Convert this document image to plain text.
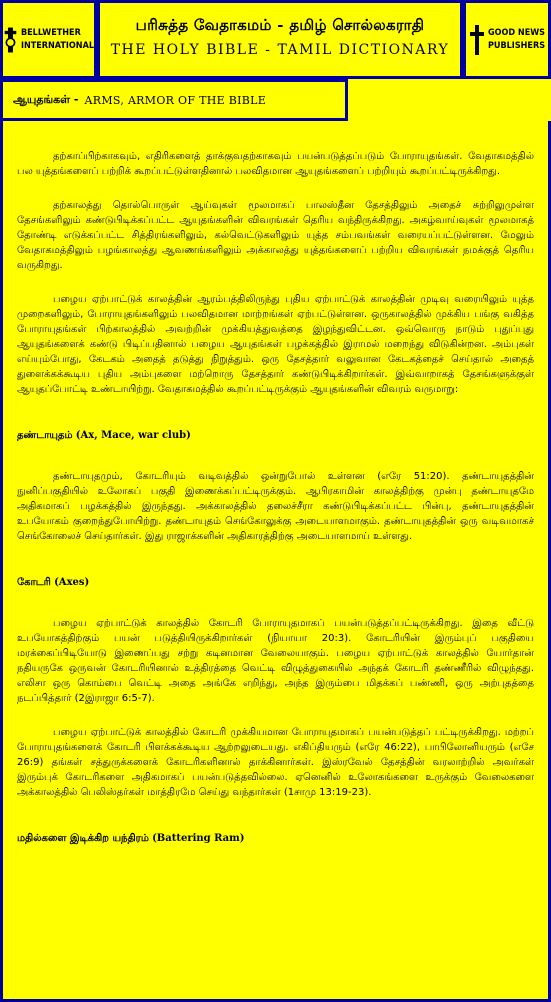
BELLWETHER
INTERNATIONAL
பரிசுத்த வேதாகமம் - தமிழ் சொல்லகராதி
THE HOLY BIBLE - TAMIL DICTIONARY
GOOD NEWS
PUBLISHERS
ஆயுதங்கள் - ARMS, ARMOR OF THE BIBLE

தற்காப்பிற்காகவும், எதிரிகளைத் தாக்குவதற்காகவும் பயன்படுத்தப்படும் போராயுதங்கள். வேதாகமத்தில் பல யுத்தங்களைப் பற்றிக் கூறப்பட்டுள்ளதினால் பலவிதமான ஆயுதங்களைப் பற்றியும் கூறப்பட்டிருக்கிறது.

தற்காலத்து தொல்பொருள் ஆய்வுகள் மூலமாகப் பாலஸ்தீன தேசத்திலும் அதைச் சுற்றிலுமுள்ள தேசங்களிலும் கண்டுபிடிக்கப்பட்ட ஆயுதங்களின் விவரங்கள் தெரிய வந்திருக்கிறது. அகழ்வாய்வுகள் மூலமாகத் தோண்டி எடுக்கப்பட்ட சித்திரங்களிலும், கல்வெட்டுகளிலும் யுத்த சம்பவங்கள் வரையப்பட்டுள்ளன. மேலும் வேதாகமத்திலும் பழங்காலத்து ஆவணங்களிலும் அக்காலத்து யுத்தங்களைப் பற்றிய விவரங்கள் நமக்குத் தெரிய வருகிறது.

பழைய ஏற்பாட்டுக் காலத்தின் ஆரம்பத்திலிருந்து புதிய ஏற்பாட்டுக் காலத்தின் முடிவு வரையிலும் யுத்த முறைகளிலும், போராயுதங்களிலும் பலவிதமான மாற்றங்கள் ஏற்பட்டுள்ளன. ஒருகாலத்தில் முக்கிய பங்கு வகித்த போராயுதங்கள் பிற்காலத்தில் அவற்றின் முக்கியத்துவத்தை இழந்துவிட்டன. ஒவ்வொரு நாடும் புதுப்புது ஆயுதங்களைக் கண்டு பிடிப்பதினால் பழைய ஆயுதங்கள் பழக்கத்தில் இராமல் மறைந்து விடுகின்றன. அம்புகள் எய்யும்போது, கேடகம் அதைத் தடுத்து நிறுத்தும். ஒரு தேசத்தார் வலுவான கேடகத்தைச் செய்தால் அதைத் துளைக்கக்கூடிய புதிய அம்புகளை மற்றொரு தேசத்தார் கண்டுபிடிக்கிறார்கள். இவ்வாறாகத் தேசங்களுக்குள் ஆயுதப்போட்டி உண்டாயிற்று. வேதாகமத்தில் கூறப்பட்டிருக்கும் ஆயுதங்களின் விவரம் வருமாறு:

தண்டாயுதம் (Ax, Mace, war club)

தண்டாயுதமும், கோடரியும் வடிவத்தில் ஒன்றுபோல் உள்ளன (எரே 51:20). தண்டாயுதத்தின் நுனிப்பகுதியில் உலோகப் பகுதி இணைக்கப்பட்டிருக்கும். ஆபிரகாமின் காலத்திற்கு முன்பு தண்டாயுதமே அதிகமாகப் பழக்கத்தில் இருந்தது. அக்காலத்தில் தலைச்சீரா கண்டுபிடிக்கப்பட்ட பின்பு, தண்டாயுதத்தின் உபயோகம் குறைந்துபோயிற்று. தண்டாயுதம் செங்கோலுக்கு அடையாளமாகும். தண்டாயுதத்தின் ஒரு வடிவமாகச் செங்கோலைச் செய்தார்கள். இது ராஜாக்களின் அதிகாரத்திற்கு அடையாளமாய் உள்ளது.

கோடரி (Axes)

பழைய ஏற்பாட்டுக் காலத்தில் கோடரி போராயுதமாகப் பயன்படுத்தப்பட்டிருக்கிறது. இதை வீட்டு உபயோகத்திற்கும் பயன் படுத்தியிருக்கிறார்கள் (நியாயா 20:3). கோடரியின் இரும்புப் பகுதியை மரக்கைப்பிடியோடு இணைப்பது சற்று கடினமான வேலையாகும். பழைய ஏற்பாட்டுக் காலத்தில் யோர்தான் நதியருகே ஒருவன் கோடரியினால் உத்திரத்தை வெட்டி விழுத்துகையில் அந்தக் கோடரி தண்ணீரில் விழுந்தது. எலிசா ஒரு கொம்பை வெட்டி அதை அங்கே எறிந்து, அந்த இரும்பை மிதக்கப் பண்ணி, ஒரு அற்புதத்தை நடப்பித்தார் (2இராஜா 6:5-7).

பழைய ஏற்பாட்டுக் காலத்தில் கோடரி முக்கியமான போராயுதமாகப் பயன்படுத்தப் பட்டிருக்கிறது. மற்றப் போராயுதங்களைக் கோடரி பிளக்கக்கூடிய ஆற்றலுடையது. எகிப்தியரும் (எரே 46:22), பாபிலோனியரும் (எசே 26:9) தங்கள் சத்துருக்களைக் கோடரிகளினால் தாக்கினார்கள். இஸ்ரவேல் தேசத்தின் வரலாற்றில் அவர்கள் இரும்புக் கோடரிகளை அதிகமாகப் பயன்படுத்தவில்லை. ஏனெனில் உலோகங்களை உருக்கும் வேலைகளை அக்காலத்தில் பெலிஸ்தர்கள் மாத்திரமே செய்து வந்தார்கள் (1சாமு 13:19-23).

மதில்களை இடிக்கிற யந்திரம் (Battering Ram)
